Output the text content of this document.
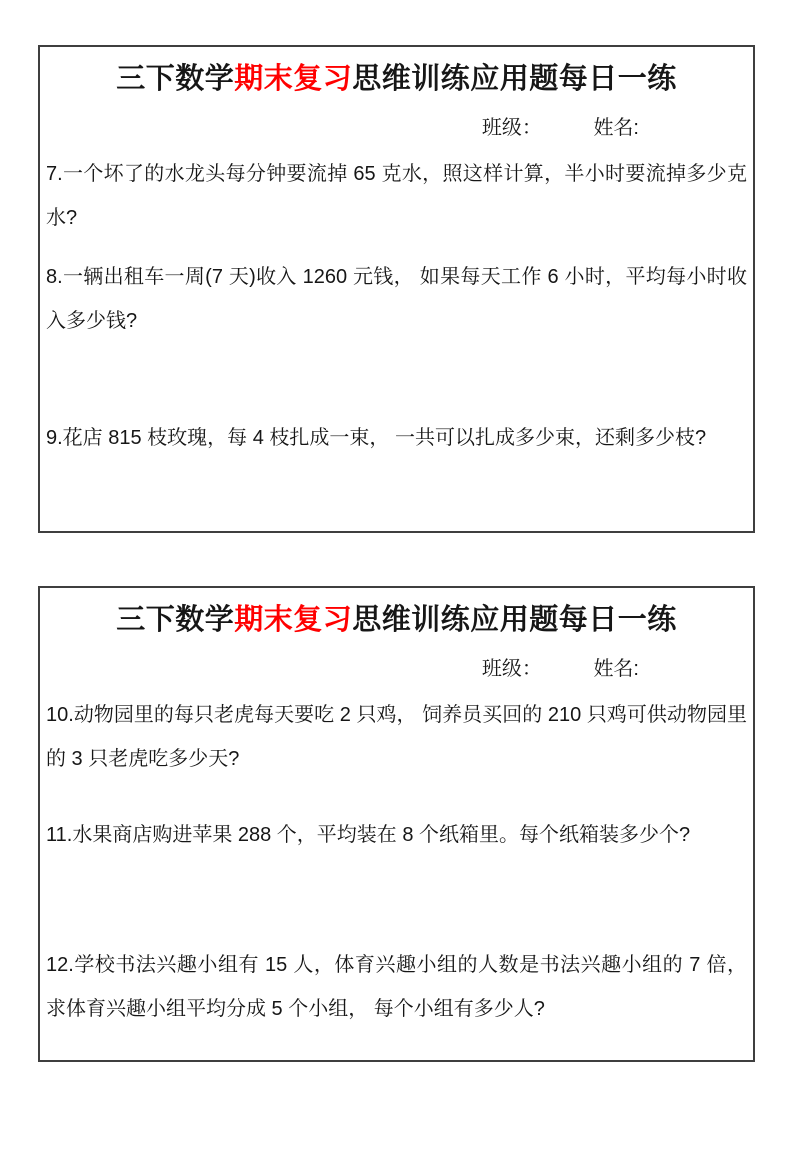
三下数学期末复习思维训练应用题每日一练
班级：	姓名:

7.一个坏了的水龙头每分钟要流掉 65 克水，照这样计算，半小时要流掉多少克水?

8.一辆出租车一周(7 天)收入 1260 元钱， 如果每天工作 6 小时，平均每小时收入多少钱?

9.花店 815 枝玫瑰，每 4 枝扎成一束， 一共可以扎成多少束，还剩多少枝?

三下数学期末复习思维训练应用题每日一练
班级：	姓名:

10.动物园里的每只老虎每天要吃 2 只鸡， 饲养员买回的 210 只鸡可供动物园里的 3 只老虎吃多少天?

11.水果商店购进苹果 288 个，平均装在 8 个纸箱里。每个纸箱装多少个?

12.学校书法兴趣小组有 15 人，体育兴趣小组的人数是书法兴趣小组的 7 倍， 求体育兴趣小组平均分成 5 个小组， 每个小组有多少人?
